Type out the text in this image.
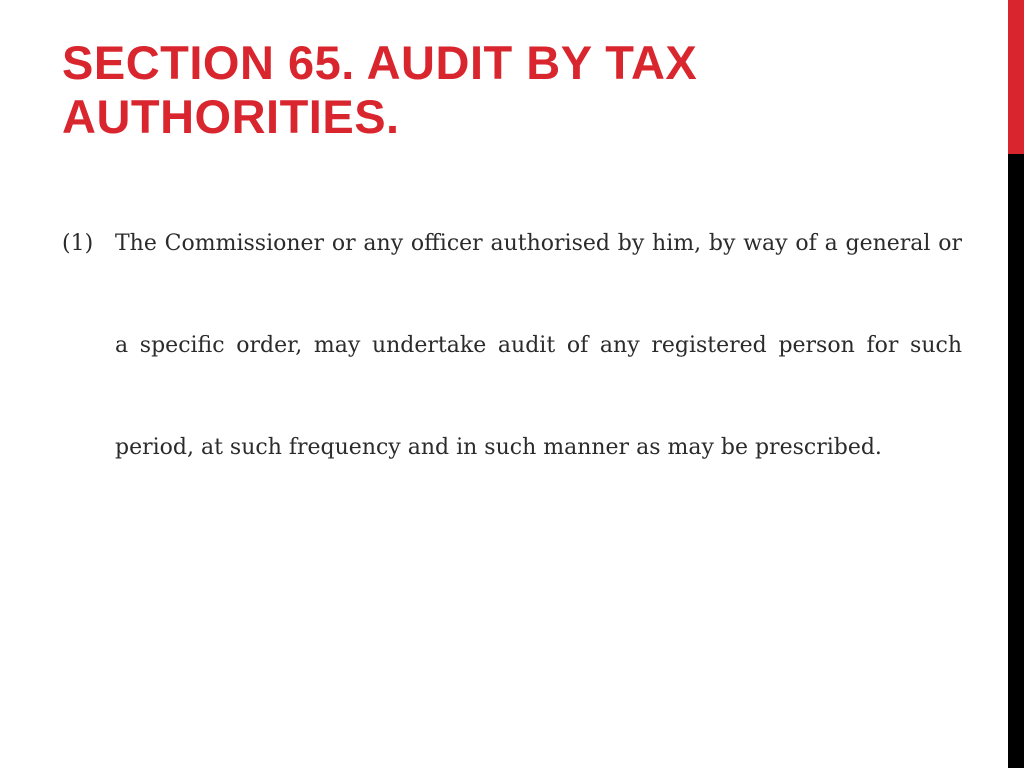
SECTION 65. AUDIT BY TAX AUTHORITIES.
(1) The Commissioner or any officer authorised by him, by way of a general or a specific order, may undertake audit of any registered person for such period, at such frequency and in such manner as may be prescribed.
